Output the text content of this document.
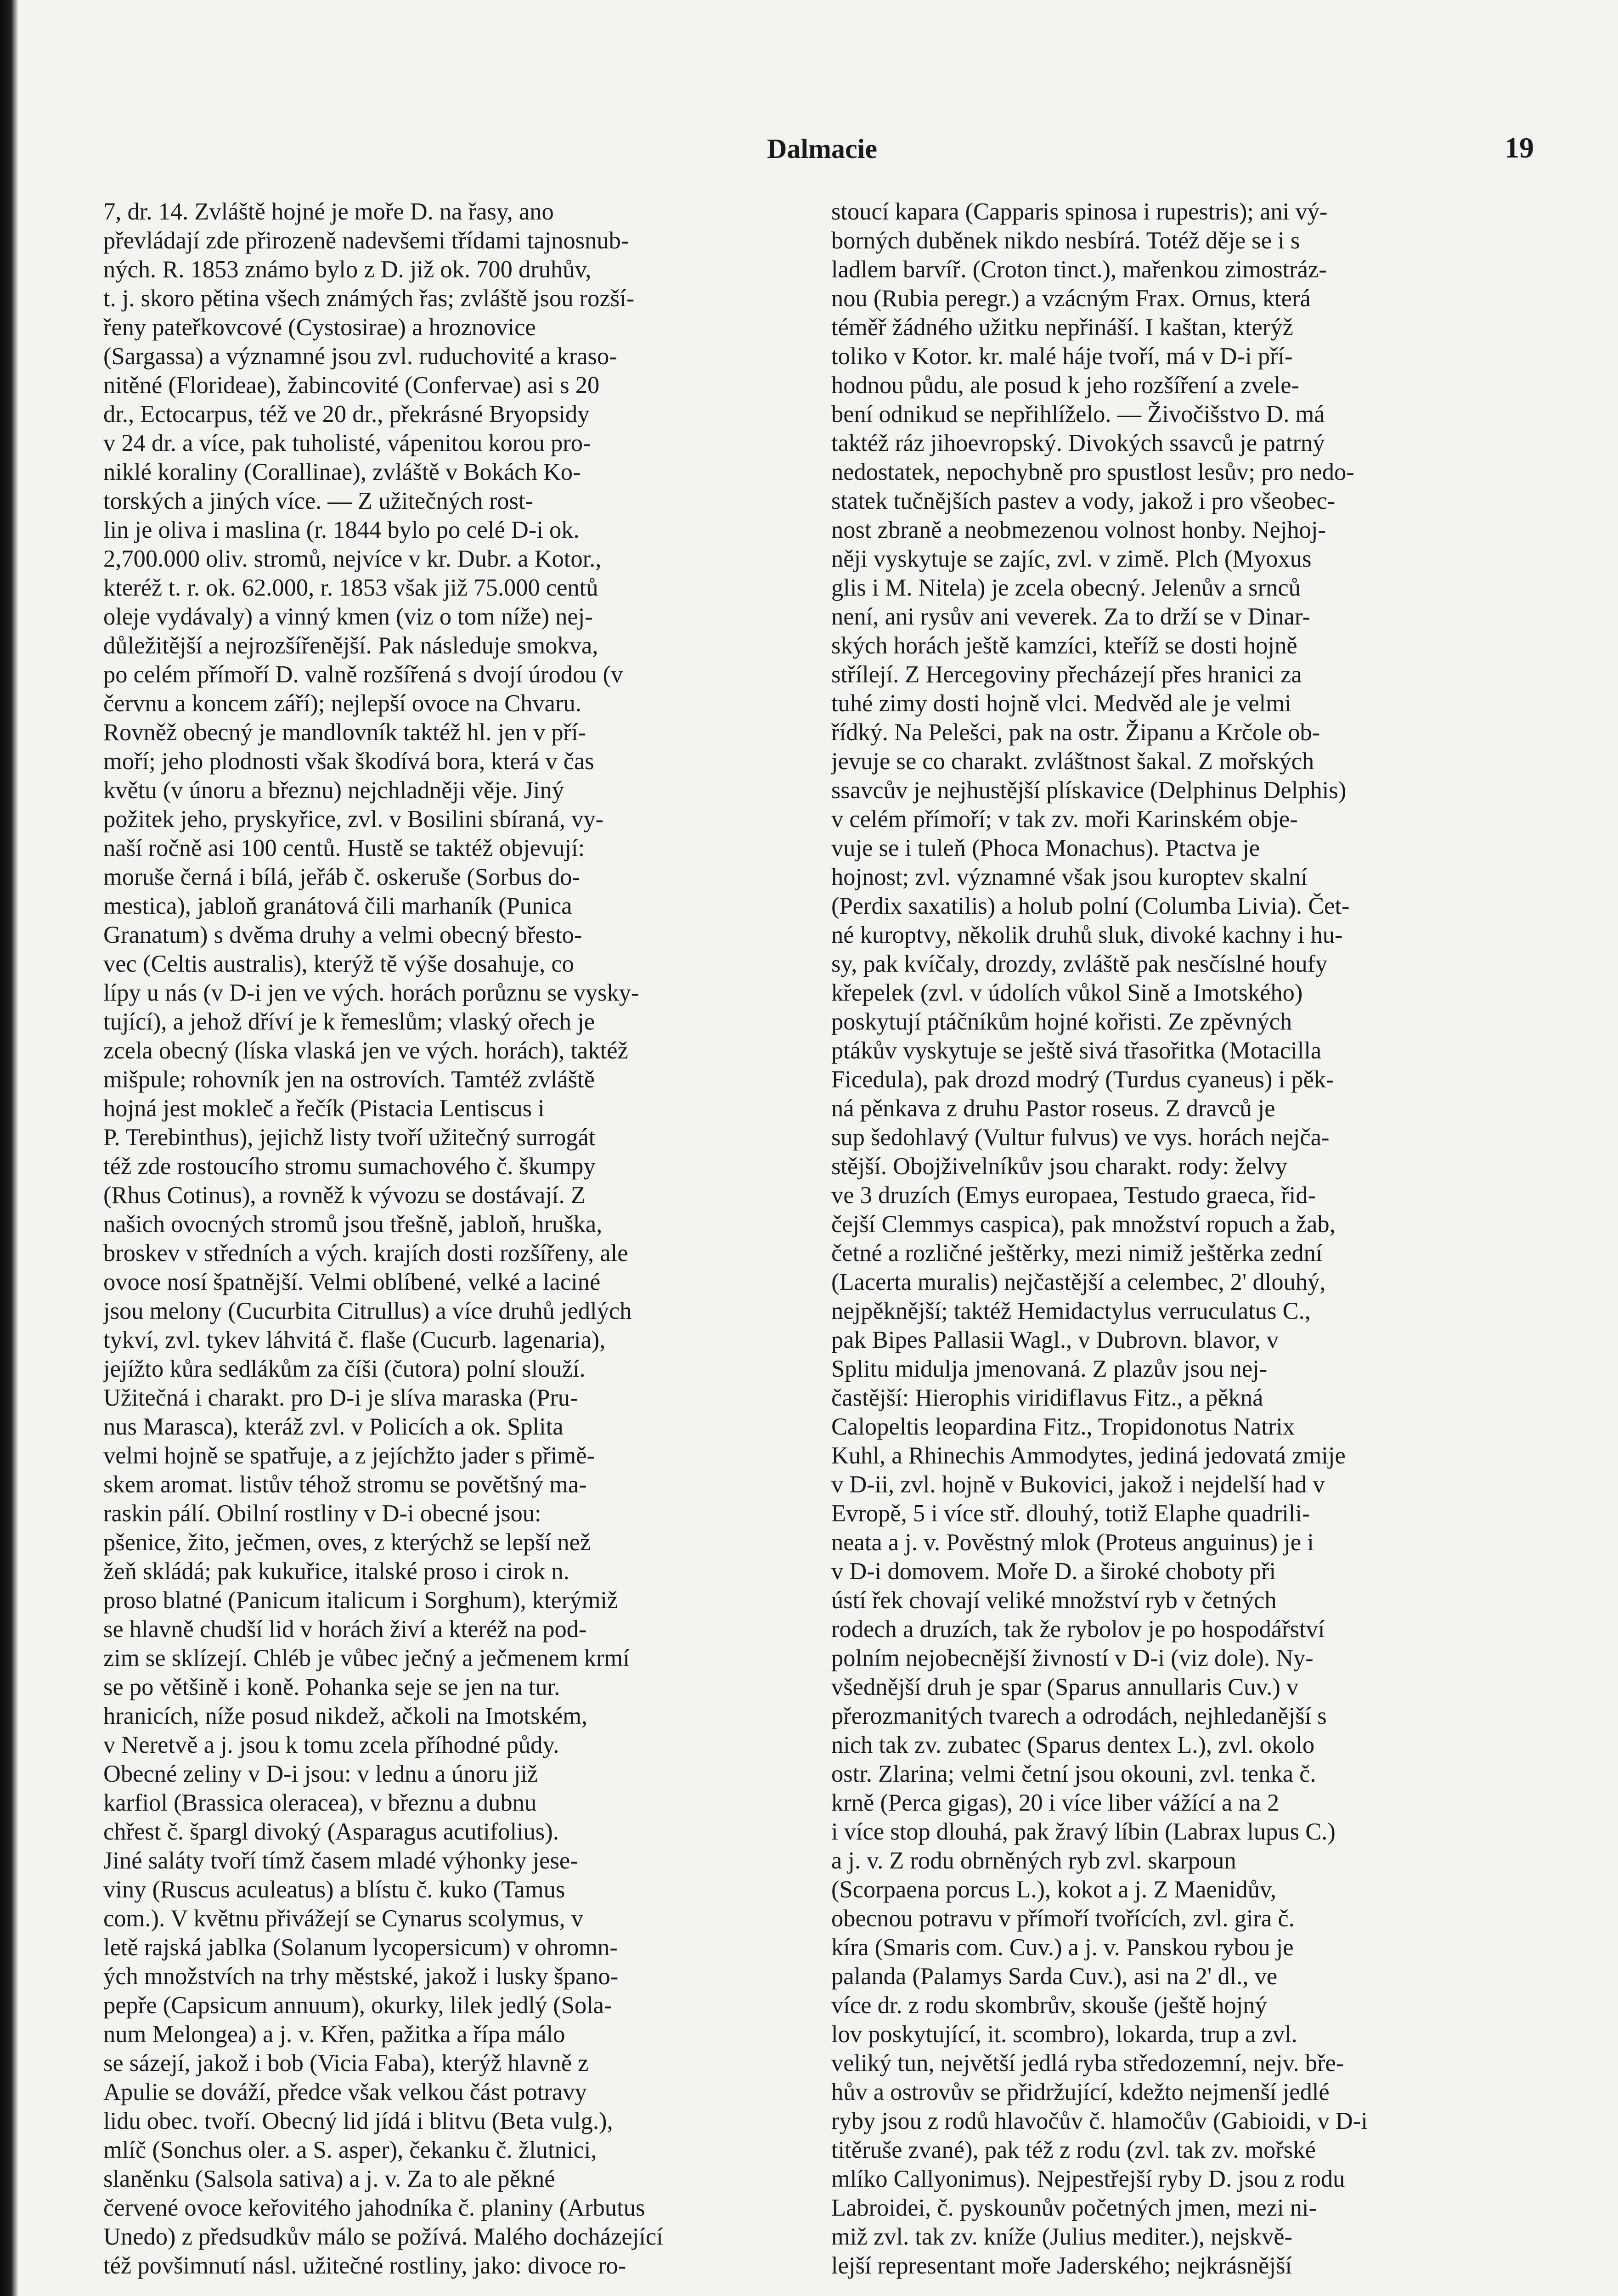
Dalmacie	19
7, dr. 14. Zvláště hojné je moře D. na řasy, ano
převládají zde přirozeně nadevšemi třídami tajnosnub-
ných. R. 1853 známo bylo z D. již ok. 700 druhův,
t. j. skoro pětina všech známých řas; zvláště jsou rozší-
řeny pateřkovcové (Cystosirae) a hroznovice
(Sargassa) a významné jsou zvl. ruduchovité a kraso-
nitěné (Florideae), žabincovité (Confervae) asi s 20
dr., Ectocarpus, též ve 20 dr., překrásné Bryopsidy
v 24 dr. a více, pak tuholisté, vápenitou korou pro-
niklé koraliny (Corallinae), zvláště v Bokách Ko-
torských a jiných více. — Z užitečných rost-
lin je oliva i maslina (r. 1844 bylo po celé D-i ok.
2,700.000 oliv. stromů, nejvíce v kr. Dubr. a Kotor.,
kteréž t. r. ok. 62.000, r. 1853 však již 75.000 centů
oleje vydávaly) a vinný kmen (viz o tom níže) nej-
důležitější a nejrozšířenější. Pak následuje smokva,
po celém přímoří D. valně rozšířená s dvojí úrodou (v
červnu a koncem září); nejlepší ovoce na Chvaru.
Rovněž obecný je mandlovník taktéž hl. jen v pří-
moří; jeho plodnosti však škodívá bora, která v čas
květu (v únoru a březnu) nejchladněji věje. Jiný
požitek jeho, pryskyřice, zvl. v Bosilini sbíraná, vy-
naší ročně asi 100 centů. Hustě se taktéž objevují:
moruše černá i bílá, jeřáb č. oskeruše (Sorbus do-
mestica), jabloň granátová čili marhaník (Punica
Granatum) s dvěma druhy a velmi obecný břesto-
vec (Celtis australis), kterýž tě výše dosahuje, co
lípy u nás (v D-i jen ve vých. horách porůznu se vysky-
tující), a jehož dříví je k řemeslům; vlaský ořech je
zcela obecný (líska vlaská jen ve vých. horách), taktéž
mišpule; rohovník jen na ostrovích. Tamtéž zvláště
hojná jest mokleč a řečík (Pistacia Lentiscus i
P. Terebinthus), jejichž listy tvoří užitečný surrogát
též zde rostoucího stromu sumachového č. škumpy
(Rhus Cotinus), a rovněž k vývozu se dostávají. Z
našich ovocných stromů jsou třešně, jabloň, hruška,
broskev v středních a vých. krajích dosti rozšířeny, ale
ovoce nosí špatnější. Velmi oblíbené, velké a laciné
jsou melony (Cucurbita Citrullus) a více druhů jedlých
tykví, zvl. tykev láhvitá č. flaše (Cucurb. lagenaria),
jejížto kůra sedlákům za číši (čutora) polní slouží.
Užitečná i charakt. pro D-i je slíva maraska (Pru-
nus Marasca), kteráž zvl. v Policích a ok. Splita
velmi hojně se spatřuje, a z jejíchžto jader s přimě-
skem aromat. listův téhož stromu se povětšný ma-
raskin pálí. Obilní rostliny v D-i obecné jsou:
pšenice, žito, ječmen, oves, z kterýchž se lepší než
žeň skládá; pak kukuřice, italské proso i cirok n.
proso blatné (Panicum italicum i Sorghum), kterýmiž
se hlavně chudší lid v horách živí a kteréž na pod-
zim se sklízejí. Chléb je vůbec ječný a ječmenem krmí
se po většině i koně. Pohanka seje se jen na tur.
hranicích, níže posud nikdež, ačkoli na Imotském,
v Neretvě a j. jsou k tomu zcela příhodné půdy.
Obecné zeliny v D-i jsou: v lednu a únoru již
karfiol (Brassica oleracea), v březnu a dubnu
chřest č. špargl divoký (Asparagus acutifolius).
Jiné saláty tvoří tímž časem mladé výhonky jese-
viny (Ruscus aculeatus) a blístu č. kuko (Tamus
com.). V květnu přivážejí se Cynarus scolymus, v
letě rajská jablka (Solanum lycopersicum) v ohromn-
ých množstvích na trhy městské, jakož i lusky špano-
pepře (Capsicum annuum), okurky, lilek jedlý (Sola-
num Melongea) a j. v. Křen, pažitka a řípa málo
se sázejí, jakož i bob (Vicia Faba), kterýž hlavně z
Apulie se dováží, předce však velkou část potravy
lidu obec. tvoří. Obecný lid jídá i blitvu (Beta vulg.),
mlíč (Sonchus oler. a S. asper), čekanku č. žlutnici,
slaněnku (Salsola sativa) a j. v. Za to ale pěkné
červené ovoce keřovitého jahodníka č. planiny (Arbutus
Unedo) z předsudkův málo se požívá. Malého docházející
též povšimnutí násl. užitečné rostliny, jako: divoce ro-
stoucí kapara (Capparis spinosa i rupestris); ani vý-
borných duběnek nikdo nesbírá. Totéž děje se i s
ladlem barvíř. (Croton tinct.), mařenkou zimostráz-
nou (Rubia peregr.) a vzácným Frax. Ornus, která
téměř žádného užitku nepřináší. I kaštan, kterýž
toliko v Kotor. kr. malé háje tvoří, má v D-i pří-
hodnou půdu, ale posud k jeho rozšíření a zvele-
bení odnikud se nepřihlíželo. — Živočišstvo D. má
taktéž ráz jihoevropský. Divokých ssavců je patrný
nedostatek, nepochybně pro spustlost lesův; pro nedo-
statek tučnějších pastev a vody, jakož i pro všeobec-
nost zbraně a neobmezenou volnost honby. Nejhoj-
něji vyskytuje se zajíc, zvl. v zimě. Plch (Myoxus
glis i M. Nitela) je zcela obecný. Jelenův a srnců
není, ani rysův ani veverek. Za to drží se v Dinar-
ských horách ještě kamzíci, kteříž se dosti hojně
střílejí. Z Hercegoviny přecházejí přes hranici za
tuhé zimy dosti hojně vlci. Medvěd ale je velmi
řídký. Na Pelešci, pak na ostr. Žipanu a Krčole ob-
jevuje se co charakt. zvláštnost šakal. Z mořských
ssavcův je nejhustější plískavice (Delphinus Delphis)
v celém přímoří; v tak zv. moři Karinském obje-
vuje se i tuleň (Phoca Monachus). Ptactva je
hojnost; zvl. významné však jsou kuroptev skalní
(Perdix saxatilis) a holub polní (Columba Livia). Čet-
né kuroptvy, několik druhů sluk, divoké kachny i hu-
sy, pak kvíčaly, drozdy, zvláště pak nesčíslné houfy
křepelek (zvl. v údolích vůkol Sině a Imotského)
poskytují ptáčníkům hojné kořisti. Ze zpěvných
ptákův vyskytuje se ještě sivá třasořitka (Motacilla
Ficedula), pak drozd modrý (Turdus cyaneus) i pěk-
ná pěnkava z druhu Pastor roseus. Z dravců je
sup šedohlavý (Vultur fulvus) ve vys. horách nejča-
stější. Obojživelníkův jsou charakt. rody: želvy
ve 3 druzích (Emys europaea, Testudo graeca, řid-
čejší Clemmys caspica), pak množství ropuch a žab,
četné a rozličné ještěrky, mezi nimiž ještěrka zední
(Lacerta muralis) nejčastější a celembec, 2' dlouhý,
nejpěknější; taktéž Hemidactylus verruculatus C.,
pak Bipes Pallasii Wagl., v Dubrovn. blavor, v
Splitu midulja jmenovaná. Z plazův jsou nej-
častější: Hierophis viridiflavus Fitz., a pěkná
Calopeltis leopardina Fitz., Tropidonotus Natrix
Kuhl, a Rhinechis Ammodytes, jediná jedovatá zmije
v D-ii, zvl. hojně v Bukovici, jakož i nejdelší had v
Evropě, 5 i více stř. dlouhý, totiž Elaphe quadrili-
neata a j. v. Pověstný mlok (Proteus anguinus) je i
v D-i domovem. Moře D. a široké choboty při
ústí řek chovají veliké množství ryb v četných
rodech a druzích, tak že rybolov je po hospodářství
polním nejobecnější živností v D-i (viz dole). Ny-
všednější druh je spar (Sparus annullaris Cuv.) v
přerozmanitých tvarech a odrodách, nejhledanější s
nich tak zv. zubatec (Sparus dentex L.), zvl. okolo
ostr. Zlarina; velmi četní jsou okouni, zvl. tenka č.
krně (Perca gigas), 20 i více liber vážící a na 2
i více stop dlouhá, pak žravý líbin (Labrax lupus C.)
a j. v. Z rodu obrněných ryb zvl. skarpoun
(Scorpaena porcus L.), kokot a j. Z Maenidův,
obecnou potravu v přímoří tvořících, zvl. gira č.
kíra (Smaris com. Cuv.) a j. v. Panskou rybou je
palanda (Palamys Sarda Cuv.), asi na 2' dl., ve
více dr. z rodu skombrův, skouše (ještě hojný
lov poskytující, it. scombro), lokarda, trup a zvl.
veliký tun, největší jedlá ryba středozemní, nejv. bře-
hův a ostrovův se přidržující, kdežto nejmenší jedlé
ryby jsou z rodů hlavočův č. hlamočův (Gabioidi, v D-i
titěruše zvané), pak též z rodu (zvl. tak zv. mořské
mlíko Callyonimus). Nejpestřejší ryby D. jsou z rodu
Labroidei, č. pyskounův početných jmen, mezi ni-
miž zvl. tak zv. kníže (Julius mediter.), nejskvě-
lejší representant moře Jaderského; nejkrásnější
